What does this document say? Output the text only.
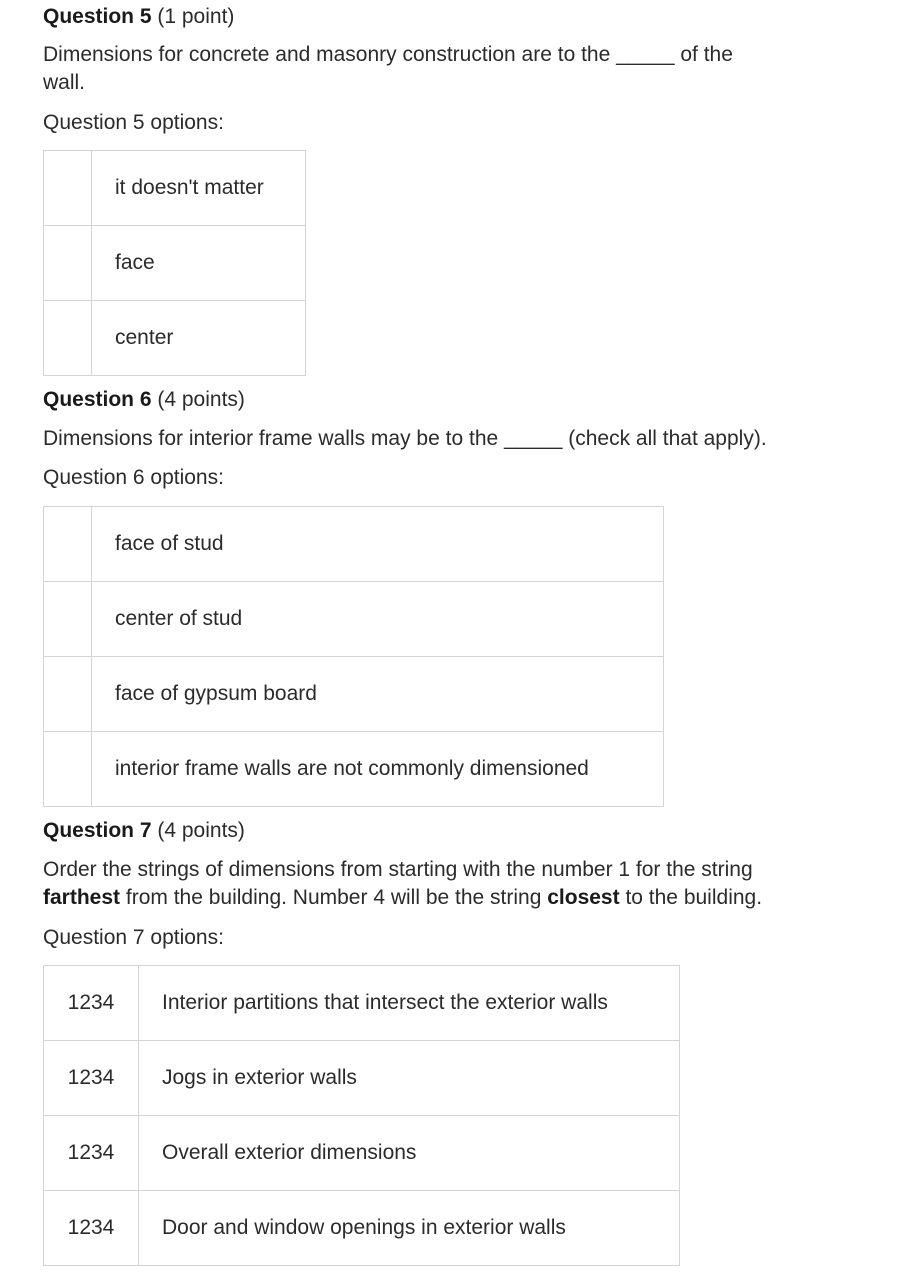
Question 5 (1 point)
Dimensions for concrete and masonry construction are to the _____ of the
wall.
Question 5 options:
	it doesn't matter
	face
	center
Question 6 (4 points)
Dimensions for interior frame walls may be to the _____ (check all that apply).
Question 6 options:
	face of stud
	center of stud
	face of gypsum board
	interior frame walls are not commonly dimensioned
Question 7 (4 points)
Order the strings of dimensions from starting with the number 1 for the string
farthest from the building. Number 4 will be the string closest to the building.
Question 7 options:
1234	Interior partitions that intersect the exterior walls
1234	Jogs in exterior walls
1234	Overall exterior dimensions
1234	Door and window openings in exterior walls
